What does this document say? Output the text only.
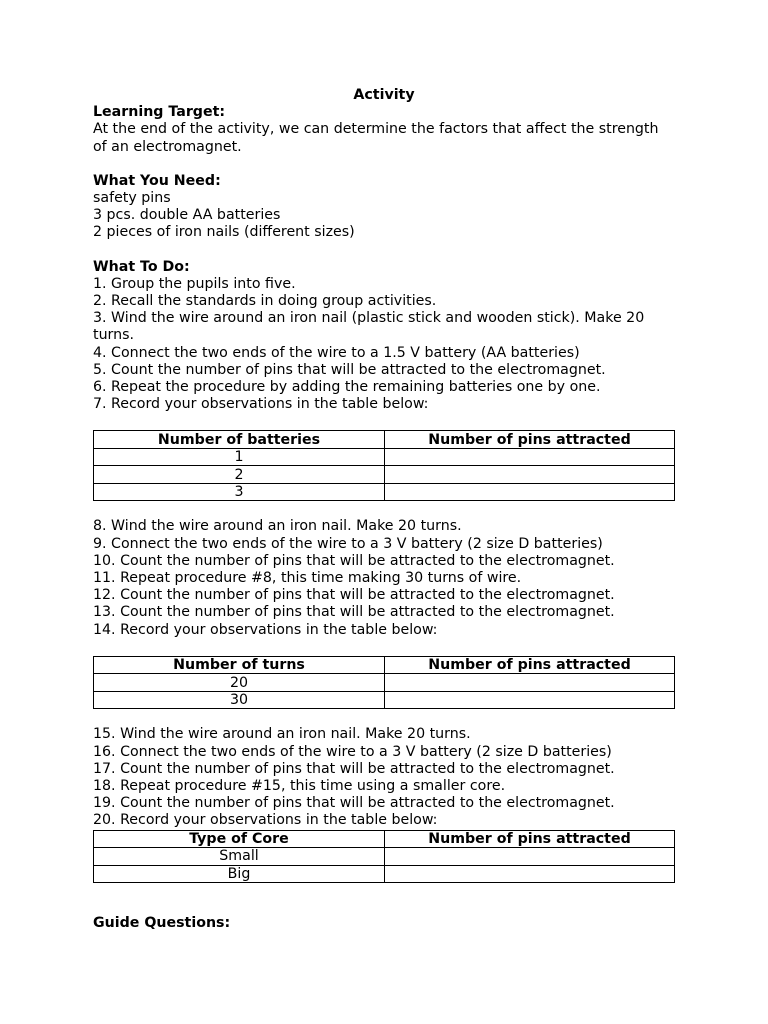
Activity
Learning Target:
At the end of the activity, we can determine the factors that affect the strength of an electromagnet.
What You Need:
safety pins
3 pcs. double AA batteries
2 pieces of iron nails (different sizes)
What To Do:
1. Group the pupils into five.
2. Recall the standards in doing group activities.
3. Wind the wire around an iron nail (plastic stick and wooden stick). Make 20 turns.
4. Connect the two ends of the wire to a 1.5 V battery (AA batteries)
5. Count the number of pins that will be attracted to the electromagnet.
6. Repeat the procedure by adding the remaining batteries one by one.
7. Record your observations in the table below:
Number of batteries	Number of pins attracted
1	
2	
3	
8. Wind the wire around an iron nail. Make 20 turns.
9. Connect the two ends of the wire to a 3 V battery (2 size D batteries)
10. Count the number of pins that will be attracted to the electromagnet.
11. Repeat procedure #8, this time making 30 turns of wire.
12. Count the number of pins that will be attracted to the electromagnet.
13. Count the number of pins that will be attracted to the electromagnet.
14. Record your observations in the table below:
Number of turns	Number of pins attracted
20	
30	
15. Wind the wire around an iron nail. Make 20 turns.
16. Connect the two ends of the wire to a 3 V battery (2 size D batteries)
17. Count the number of pins that will be attracted to the electromagnet.
18. Repeat procedure #15, this time using a smaller core.
19. Count the number of pins that will be attracted to the electromagnet.
20. Record your observations in the table below:
Type of Core	Number of pins attracted
Small	
Big	
Guide Questions:
